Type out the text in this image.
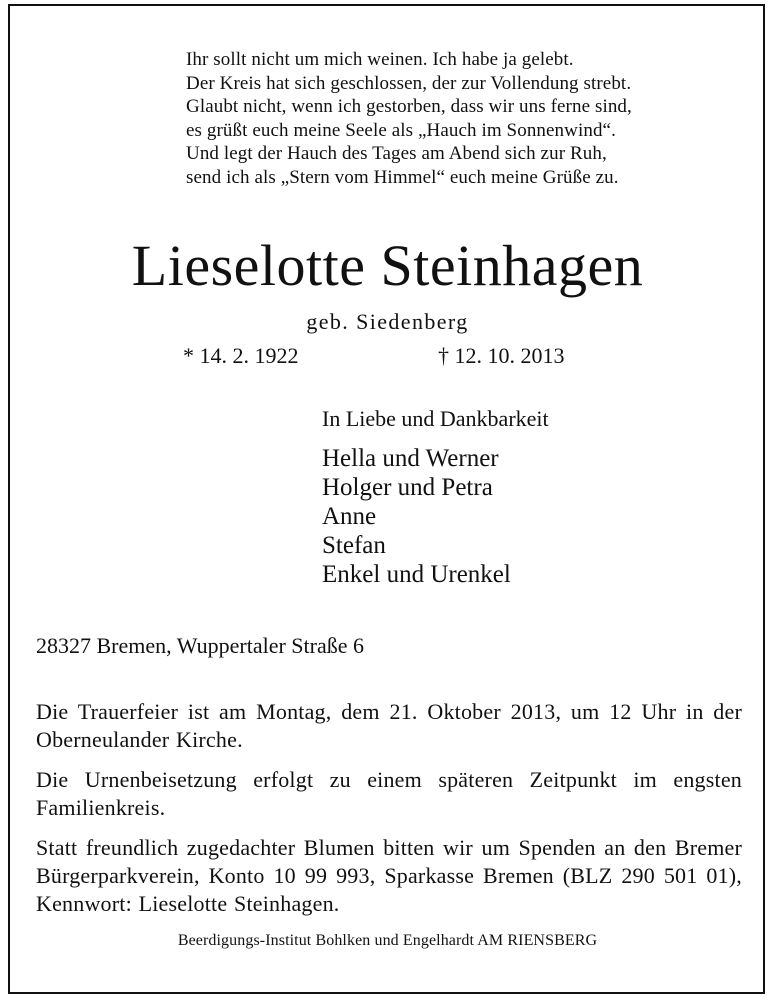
Ihr sollt nicht um mich weinen. Ich habe ja gelebt.
Der Kreis hat sich geschlossen, der zur Vollendung strebt.
Glaubt nicht, wenn ich gestorben, dass wir uns ferne sind,
es grüßt euch meine Seele als „Hauch im Sonnenwind“.
Und legt der Hauch des Tages am Abend sich zur Ruh,
send ich als „Stern vom Himmel“ euch meine Grüße zu.
Lieselotte Steinhagen
geb. Siedenberg
* 14. 2. 1922	† 12. 10. 2013
In Liebe und Dankbarkeit
Hella und Werner
Holger und Petra
Anne
Stefan
Enkel und Urenkel
28327 Bremen, Wuppertaler Straße 6

Die Trauerfeier ist am Montag, dem 21. Oktober 2013, um 12 Uhr in der Oberneulander Kirche.

Die Urnenbeisetzung erfolgt zu einem späteren Zeitpunkt im engsten Familienkreis.

Statt freundlich zugedachter Blumen bitten wir um Spenden an den Bremer Bürgerparkverein, Konto 10 99 993, Sparkasse Bremen (BLZ 290 501 01), Kennwort: Lieselotte Steinhagen.

Beerdigungs-Institut Bohlken und Engelhardt AM RIENSBERG
